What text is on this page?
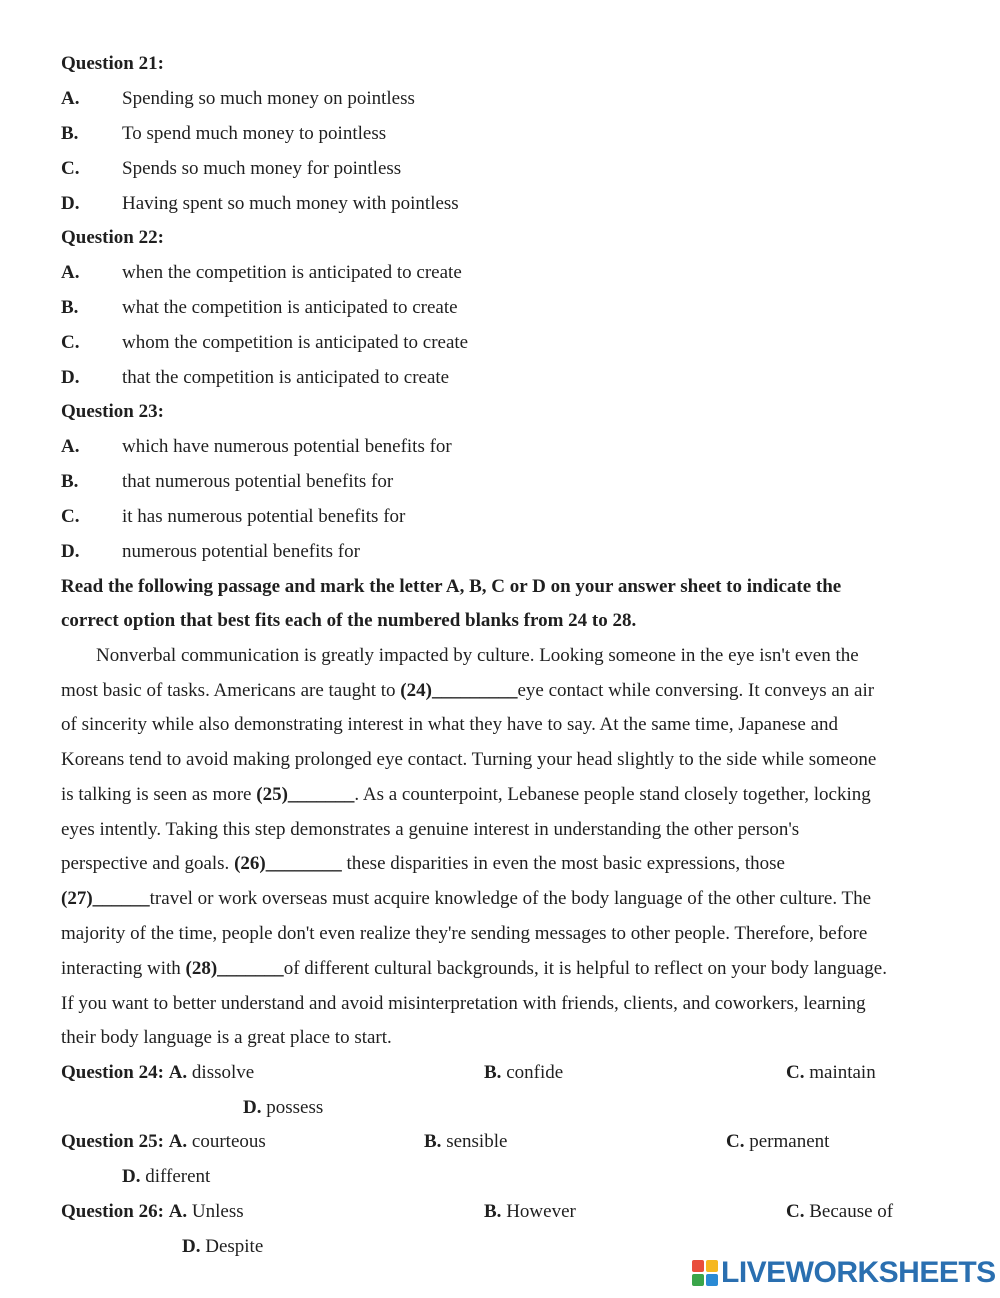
Question 21:
A. Spending so much money on pointless
B. To spend much money to pointless
C. Spends so much money for pointless
D. Having spent so much money with pointless
Question 22:
A. when the competition is anticipated to create
B. what the competition is anticipated to create
C. whom the competition is anticipated to create
D. that the competition is anticipated to create
Question 23:
A. which have numerous potential benefits for
B. that numerous potential benefits for
C. it has numerous potential benefits for
D. numerous potential benefits for
Read the following passage and mark the letter A, B, C or D on your answer sheet to indicate the
correct option that best fits each of the numbered blanks from 24 to 28.
Nonverbal communication is greatly impacted by culture. Looking someone in the eye isn't even the
most basic of tasks. Americans are taught to (24)_________eye contact while conversing. It conveys an air
of sincerity while also demonstrating interest in what they have to say. At the same time, Japanese and
Koreans tend to avoid making prolonged eye contact. Turning your head slightly to the side while someone
is talking is seen as more (25)_______. As a counterpoint, Lebanese people stand closely together, locking
eyes intently. Taking this step demonstrates a genuine interest in understanding the other person's
perspective and goals. (26)________ these disparities in even the most basic expressions, those
(27)______travel or work overseas must acquire knowledge of the body language of the other culture. The
majority of the time, people don't even realize they're sending messages to other people. Therefore, before
interacting with (28)_______of different cultural backgrounds, it is helpful to reflect on your body language.
If you want to better understand and avoid misinterpretation with friends, clients, and coworkers, learning
their body language is a great place to start.
Question 24: A. dissolve	B. confide	C. maintain
D. possess
Question 25: A. courteous	B. sensible	C. permanent
D. different
Question 26: A. Unless	B. However	C. Because of
D. Despite
LIVEWORKSHEETS
